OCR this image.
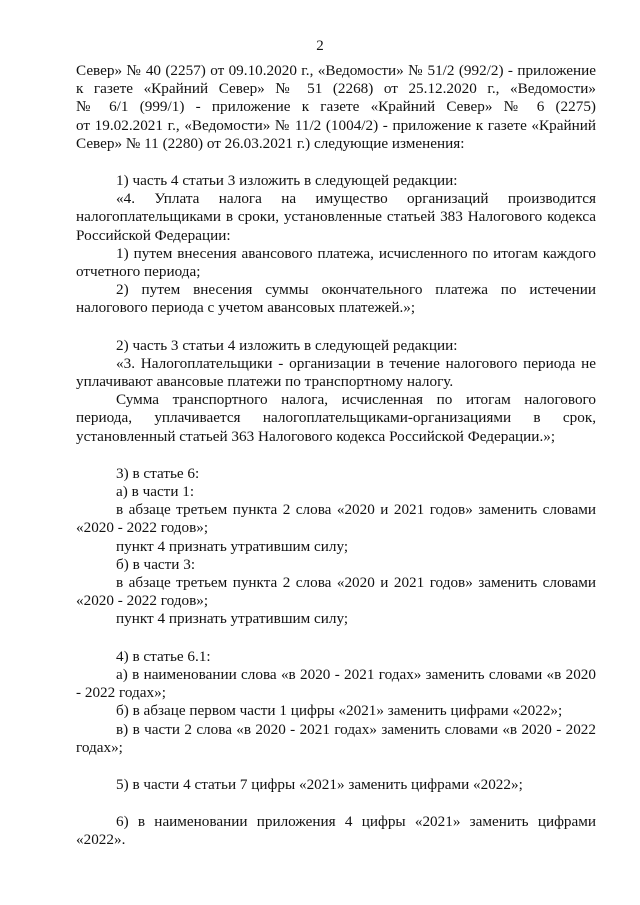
2

Север» № 40 (2257) от 09.10.2020 г., «Ведомости» № 51/2 (992/2) - приложение

к газете «Крайний Север» № 51 (2268) от 25.12.2020 г., «Ведомости»

№ 6/1 (999/1) - приложение к газете «Крайний Север» № 6 (2275)

от 19.02.2021 г., «Ведомости» № 11/2 (1004/2) - приложение к газете «Крайний

Север» № 11 (2280) от 26.03.2021 г.) следующие изменения:

1) часть 4 статьи 3 изложить в следующей редакции:

«4. Уплата налога на имущество организаций производится налогоплательщиками в сроки, установленные статьей 383 Налогового кодекса Российской Федерации:

1) путем внесения авансового платежа, исчисленного по итогам каждого отчетного периода;

2) путем внесения суммы окончательного платежа по истечении налогового периода с учетом авансовых платежей.»;

2) часть 3 статьи 4 изложить в следующей редакции:

«3. Налогоплательщики - организации в течение налогового периода не уплачивают авансовые платежи по транспортному налогу.

Сумма транспортного налога, исчисленная по итогам налогового периода, уплачивается налогоплательщиками-организациями в срок, установленный статьей 363 Налогового кодекса Российской Федерации.»;

3) в статье 6:

а) в части 1:

в абзаце третьем пункта 2 слова «2020 и 2021 годов» заменить словами «2020 - 2022 годов»;

пункт 4 признать утратившим силу;

б) в части 3:

в абзаце третьем пункта 2 слова «2020 и 2021 годов» заменить словами «2020 - 2022 годов»;

пункт 4 признать утратившим силу;

4) в статье 6.1:

а) в наименовании слова «в 2020 - 2021 годах» заменить словами «в 2020 - 2022 годах»;

б) в абзаце первом части 1 цифры «2021» заменить цифрами «2022»;

в) в части 2 слова «в 2020 - 2021 годах» заменить словами «в 2020 - 2022 годах»;

5) в части 4 статьи 7 цифры «2021» заменить цифрами «2022»;

6) в наименовании приложения 4 цифры «2021» заменить цифрами «2022».
